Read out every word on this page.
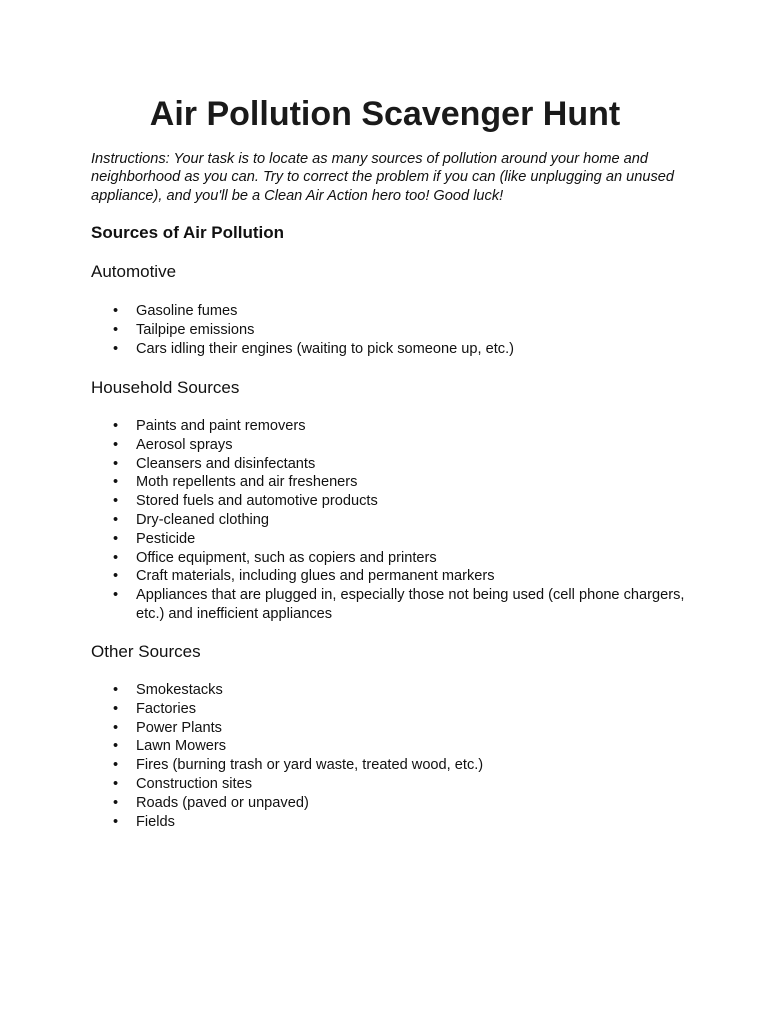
Air Pollution Scavenger Hunt

Instructions: Your task is to locate as many sources of pollution around your home and neighborhood as you can. Try to correct the problem if you can (like unplugging an unused appliance), and you'll be a Clean Air Action hero too! Good luck!

Sources of Air Pollution
Automotive
• Gasoline fumes
• Tailpipe emissions
• Cars idling their engines (waiting to pick someone up, etc.)
Household Sources
• Paints and paint removers
• Aerosol sprays
• Cleansers and disinfectants
• Moth repellents and air fresheners
• Stored fuels and automotive products
• Dry-cleaned clothing
• Pesticide
• Office equipment, such as copiers and printers
• Craft materials, including glues and permanent markers
• Appliances that are plugged in, especially those not being used (cell phone chargers, etc.) and inefficient appliances
Other Sources
• Smokestacks
• Factories
• Power Plants
• Lawn Mowers
• Fires (burning trash or yard waste, treated wood, etc.)
• Construction sites
• Roads (paved or unpaved)
• Fields
